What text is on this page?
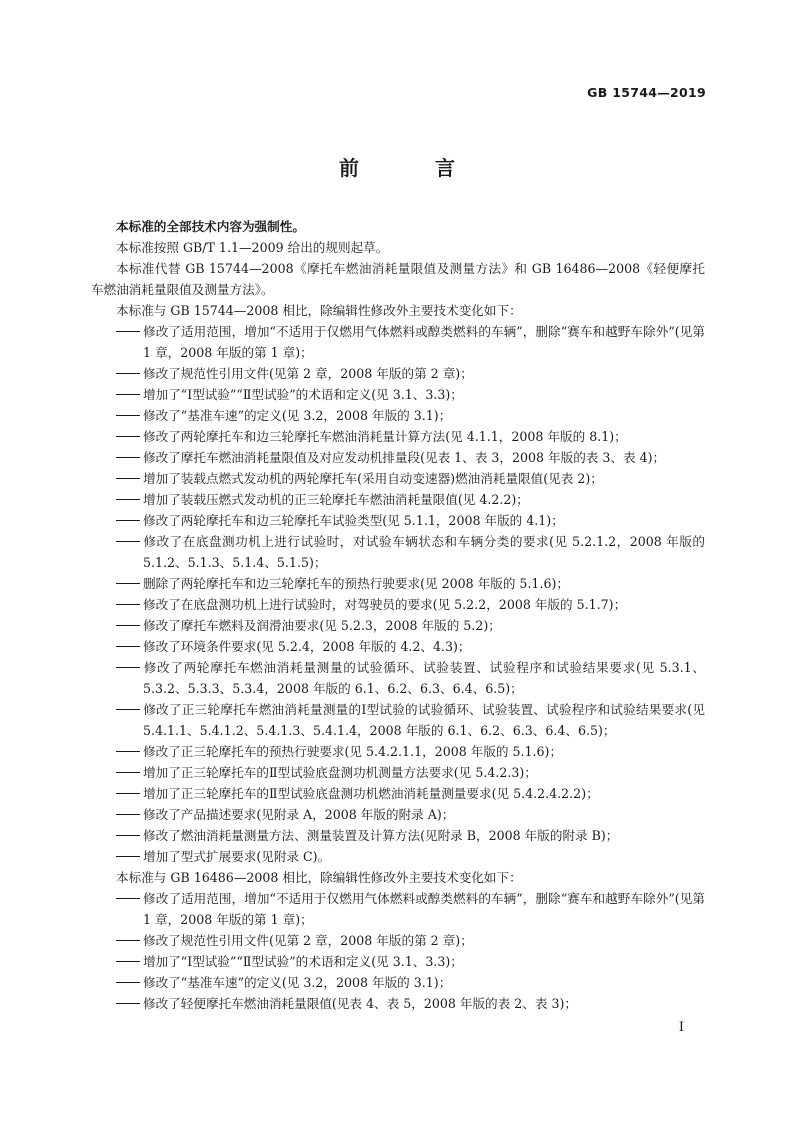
GB 15744—2019
前　言

本标准的全部技术内容为强制性。

本标准按照 GB/T 1.1—2009 给出的规则起草。

本标准代替 GB 15744—2008《摩托车燃油消耗量限值及测量方法》和 GB 16486—2008《轻便摩托车燃油消耗量限值及测量方法》。

本标准与 GB 15744—2008 相比，除编辑性修改外主要技术变化如下：

修改了适用范围，增加“不适用于仅燃用气体燃料或醇类燃料的车辆”，删除“赛车和越野车除外”(见第 1 章，2008 年版的第 1 章)；

修改了规范性引用文件(见第 2 章，2008 年版的第 2 章)；

增加了“Ⅰ型试验”“Ⅱ型试验”的术语和定义(见 3.1、3.3)；

修改了“基准车速”的定义(见 3.2，2008 年版的 3.1)；

修改了两轮摩托车和边三轮摩托车燃油消耗量计算方法(见 4.1.1，2008 年版的 8.1)；

修改了摩托车燃油消耗量限值及对应发动机排量段(见表 1、表 3，2008 年版的表 3、表 4)；

增加了装载点燃式发动机的两轮摩托车(采用自动变速器)燃油消耗量限值(见表 2)；

增加了装载压燃式发动机的正三轮摩托车燃油消耗量限值(见 4.2.2)；

修改了两轮摩托车和边三轮摩托车试验类型(见 5.1.1，2008 年版的 4.1)；

修改了在底盘测功机上进行试验时，对试验车辆状态和车辆分类的要求(见 5.2.1.2，2008 年版的 5.1.2、5.1.3、5.1.4、5.1.5)；

删除了两轮摩托车和边三轮摩托车的预热行驶要求(见 2008 年版的 5.1.6)；

修改了在底盘测功机上进行试验时，对驾驶员的要求(见 5.2.2，2008 年版的 5.1.7)；

修改了摩托车燃料及润滑油要求(见 5.2.3，2008 年版的 5.2)；

修改了环境条件要求(见 5.2.4，2008 年版的 4.2、4.3)；

修改了两轮摩托车燃油消耗量测量的试验循环、试验装置、试验程序和试验结果要求(见 5.3.1、5.3.2、5.3.3、5.3.4，2008 年版的 6.1、6.2、6.3、6.4、6.5)；

修改了正三轮摩托车燃油消耗量测量的Ⅰ型试验的试验循环、试验装置、试验程序和试验结果要求(见 5.4.1.1、5.4.1.2、5.4.1.3、5.4.1.4，2008 年版的 6.1、6.2、6.3、6.4、6.5)；

修改了正三轮摩托车的预热行驶要求(见 5.4.2.1.1，2008 年版的 5.1.6)；

增加了正三轮摩托车的Ⅱ型试验底盘测功机测量方法要求(见 5.4.2.3)；

增加了正三轮摩托车的Ⅱ型试验底盘测功机燃油消耗量测量要求(见 5.4.2.4.2.2)；

修改了产品描述要求(见附录 A，2008 年版的附录 A)；

修改了燃油消耗量测量方法、测量装置及计算方法(见附录 B，2008 年版的附录 B)；

增加了型式扩展要求(见附录 C)。

本标准与 GB 16486—2008 相比，除编辑性修改外主要技术变化如下：

修改了适用范围，增加“不适用于仅燃用气体燃料或醇类燃料的车辆”，删除“赛车和越野车除外”(见第 1 章，2008 年版的第 1 章)；

修改了规范性引用文件(见第 2 章，2008 年版的第 2 章)；

增加了“Ⅰ型试验”“Ⅱ型试验”的术语和定义(见 3.1、3.3)；

修改了“基准车速”的定义(见 3.2，2008 年版的 3.1)；

修改了轻便摩托车燃油消耗量限值(见表 4、表 5，2008 年版的表 2、表 3)；

I
